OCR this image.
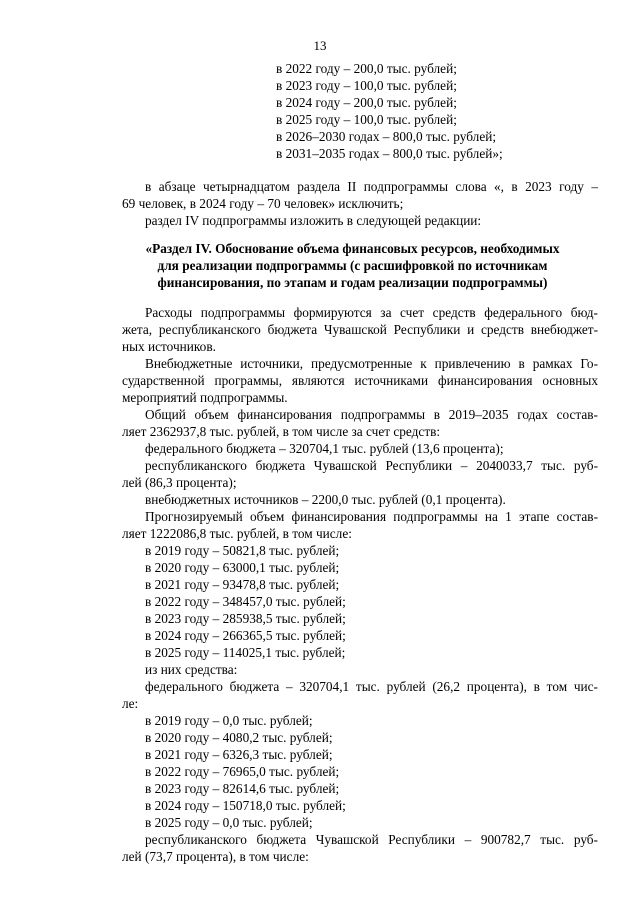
13
в 2022 году – 200,0 тыс. рублей;
в 2023 году – 100,0 тыс. рублей;
в 2024 году – 200,0 тыс. рублей;
в 2025 году – 100,0 тыс. рублей;
в 2026–2030 годах – 800,0 тыс. рублей;
в 2031–2035 годах – 800,0 тыс. рублей»;
в абзаце четырнадцатом раздела II подпрограммы слова «, в 2023 году –
69 человек, в 2024 году – 70 человек» исключить;
раздел IV подпрограммы изложить в следующей редакции:
«Раздел IV. Обоснование объема финансовых ресурсов, необходимых
для реализации подпрограммы (с расшифровкой по источникам
финансирования, по этапам и годам реализации подпрограммы)
Расходы подпрограммы формируются за счет средств федерального бюд-
жета, республиканского бюджета Чувашской Республики и средств внебюджет-
ных источников.
Внебюджетные источники, предусмотренные к привлечению в рамках Го-
сударственной программы, являются источниками финансирования основных
мероприятий подпрограммы.
Общий объем финансирования подпрограммы в 2019–2035 годах состав-
ляет 2362937,8 тыс. рублей, в том числе за счет средств:
федерального бюджета – 320704,1 тыс. рублей (13,6 процента);
республиканского бюджета Чувашской Республики – 2040033,7 тыс. руб-
лей (86,3 процента);
внебюджетных источников – 2200,0 тыс. рублей (0,1 процента).
Прогнозируемый объем финансирования подпрограммы на 1 этапе состав-
ляет 1222086,8 тыс. рублей, в том числе:
в 2019 году – 50821,8 тыс. рублей;
в 2020 году – 63000,1 тыс. рублей;
в 2021 году – 93478,8 тыс. рублей;
в 2022 году – 348457,0 тыс. рублей;
в 2023 году – 285938,5 тыс. рублей;
в 2024 году – 266365,5 тыс. рублей;
в 2025 году – 114025,1 тыс. рублей;
из них средства:
федерального бюджета – 320704,1 тыс. рублей (26,2 процента), в том чис-
ле:
в 2019 году – 0,0 тыс. рублей;
в 2020 году – 4080,2 тыс. рублей;
в 2021 году – 6326,3 тыс. рублей;
в 2022 году – 76965,0 тыс. рублей;
в 2023 году – 82614,6 тыс. рублей;
в 2024 году – 150718,0 тыс. рублей;
в 2025 году – 0,0 тыс. рублей;
республиканского бюджета Чувашской Республики – 900782,7 тыс. руб-
лей (73,7 процента), в том числе:
